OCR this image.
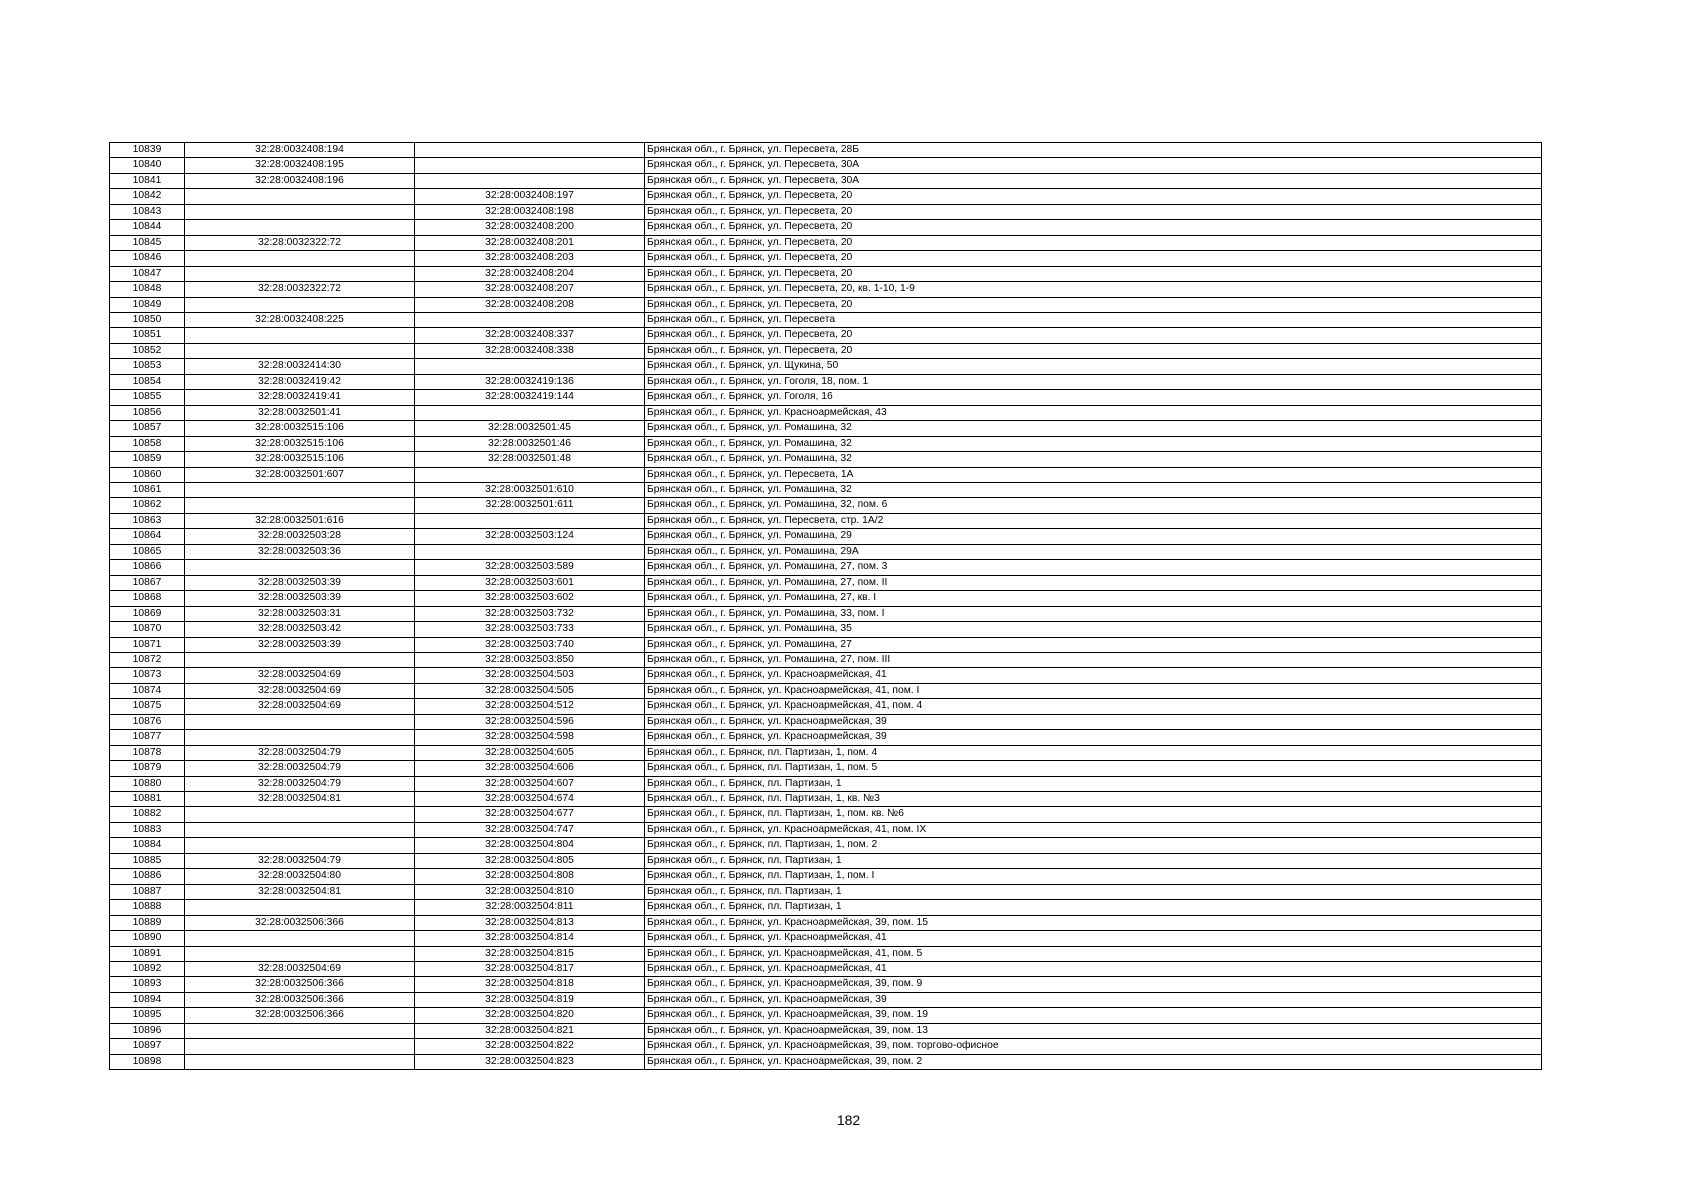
10839	32:28:0032408:194		Брянская обл., г. Брянск, ул. Пересвета, 28Б
10840	32:28:0032408:195		Брянская обл., г. Брянск, ул. Пересвета, 30А
10841	32:28:0032408:196		Брянская обл., г. Брянск, ул. Пересвета, 30А
10842		32:28:0032408:197	Брянская обл., г. Брянск, ул. Пересвета, 20
10843		32:28:0032408:198	Брянская обл., г. Брянск, ул. Пересвета, 20
10844		32:28:0032408:200	Брянская обл., г. Брянск, ул. Пересвета, 20
10845	32:28:0032322:72	32:28:0032408:201	Брянская обл., г. Брянск, ул. Пересвета, 20
10846		32:28:0032408:203	Брянская обл., г. Брянск, ул. Пересвета, 20
10847		32:28:0032408:204	Брянская обл., г. Брянск, ул. Пересвета, 20
10848	32:28:0032322:72	32:28:0032408:207	Брянская обл., г. Брянск, ул. Пересвета, 20, кв. 1-10, 1-9
10849		32:28:0032408:208	Брянская обл., г. Брянск, ул. Пересвета, 20
10850	32:28:0032408:225		Брянская обл., г. Брянск, ул. Пересвета
10851		32:28:0032408:337	Брянская обл., г. Брянск, ул. Пересвета, 20
10852		32:28:0032408:338	Брянская обл., г. Брянск, ул. Пересвета, 20
10853	32:28:0032414:30		Брянская обл., г. Брянск, ул. Щукина, 50
10854	32:28:0032419:42	32:28:0032419:136	Брянская обл., г. Брянск, ул. Гоголя, 18, пом. 1
10855	32:28:0032419:41	32:28:0032419:144	Брянская обл., г. Брянск, ул. Гоголя, 16
10856	32:28:0032501:41		Брянская обл., г. Брянск, ул. Красноармейская, 43
10857	32:28:0032515:106	32:28:0032501:45	Брянская обл., г. Брянск, ул. Ромашина, 32
10858	32:28:0032515:106	32:28:0032501:46	Брянская обл., г. Брянск, ул. Ромашина, 32
10859	32:28:0032515:106	32:28:0032501:48	Брянская обл., г. Брянск, ул. Ромашина, 32
10860	32:28:0032501:607		Брянская обл., г. Брянск, ул. Пересвета, 1А
10861		32:28:0032501:610	Брянская обл., г. Брянск, ул. Ромашина, 32
10862		32:28:0032501:611	Брянская обл., г. Брянск, ул. Ромашина, 32, пом. 6
10863	32:28:0032501:616		Брянская обл., г. Брянск, ул. Пересвета, стр. 1А/2
10864	32:28:0032503:28	32:28:0032503:124	Брянская обл., г. Брянск, ул. Ромашина, 29
10865	32:28:0032503:36		Брянская обл., г. Брянск, ул. Ромашина, 29А
10866		32:28:0032503:589	Брянская обл., г. Брянск, ул. Ромашина, 27, пом. 3
10867	32:28:0032503:39	32:28:0032503:601	Брянская обл., г. Брянск, ул. Ромашина, 27, пом. II
10868	32:28:0032503:39	32:28:0032503:602	Брянская обл., г. Брянск, ул. Ромашина, 27, кв. I
10869	32:28:0032503:31	32:28:0032503:732	Брянская обл., г. Брянск, ул. Ромашина, 33, пом. I
10870	32:28:0032503:42	32:28:0032503:733	Брянская обл., г. Брянск, ул. Ромашина, 35
10871	32:28:0032503:39	32:28:0032503:740	Брянская обл., г. Брянск, ул. Ромашина, 27
10872		32:28:0032503:850	Брянская обл., г. Брянск, ул. Ромашина, 27, пом. III
10873	32:28:0032504:69	32:28:0032504:503	Брянская обл., г. Брянск, ул. Красноармейская, 41
10874	32:28:0032504:69	32:28:0032504:505	Брянская обл., г. Брянск, ул. Красноармейская, 41, пом. I
10875	32:28:0032504:69	32:28:0032504:512	Брянская обл., г. Брянск, ул. Красноармейская, 41, пом. 4
10876		32:28:0032504:596	Брянская обл., г. Брянск, ул. Красноармейская, 39
10877		32:28:0032504:598	Брянская обл., г. Брянск, ул. Красноармейская, 39
10878	32:28:0032504:79	32:28:0032504:605	Брянская обл., г. Брянск, пл. Партизан, 1, пом. 4
10879	32:28:0032504:79	32:28:0032504:606	Брянская обл., г. Брянск, пл. Партизан, 1, пом. 5
10880	32:28:0032504:79	32:28:0032504:607	Брянская обл., г. Брянск, пл. Партизан, 1
10881	32:28:0032504:81	32:28:0032504:674	Брянская обл., г. Брянск, пл. Партизан, 1, кв. №3
10882		32:28:0032504:677	Брянская обл., г. Брянск, пл. Партизан, 1, пом. кв. №6
10883		32:28:0032504:747	Брянская обл., г. Брянск, ул. Красноармейская, 41, пом. IX
10884		32:28:0032504:804	Брянская обл., г. Брянск, пл. Партизан, 1, пом. 2
10885	32:28:0032504:79	32:28:0032504:805	Брянская обл., г. Брянск, пл. Партизан, 1
10886	32:28:0032504:80	32:28:0032504:808	Брянская обл., г. Брянск, пл. Партизан, 1, пом. I
10887	32:28:0032504:81	32:28:0032504:810	Брянская обл., г. Брянск, пл. Партизан, 1
10888		32:28:0032504:811	Брянская обл., г. Брянск, пл. Партизан, 1
10889	32:28:0032506:366	32:28:0032504:813	Брянская обл., г. Брянск, ул. Красноармейская, 39, пом. 15
10890		32:28:0032504:814	Брянская обл., г. Брянск, ул. Красноармейская, 41
10891		32:28:0032504:815	Брянская обл., г. Брянск, ул. Красноармейская, 41, пом. 5
10892	32:28:0032504:69	32:28:0032504:817	Брянская обл., г. Брянск, ул. Красноармейская, 41
10893	32:28:0032506:366	32:28:0032504:818	Брянская обл., г. Брянск, ул. Красноармейская, 39, пом. 9
10894	32:28:0032506:366	32:28:0032504:819	Брянская обл., г. Брянск, ул. Красноармейская, 39
10895	32:28:0032506:366	32:28:0032504:820	Брянская обл., г. Брянск, ул. Красноармейская, 39, пом. 19
10896		32:28:0032504:821	Брянская обл., г. Брянск, ул. Красноармейская, 39, пом. 13
10897		32:28:0032504:822	Брянская обл., г. Брянск, ул. Красноармейская, 39, пом. торгово-офисное
10898		32:28:0032504:823	Брянская обл., г. Брянск, ул. Красноармейская, 39, пом. 2
182
